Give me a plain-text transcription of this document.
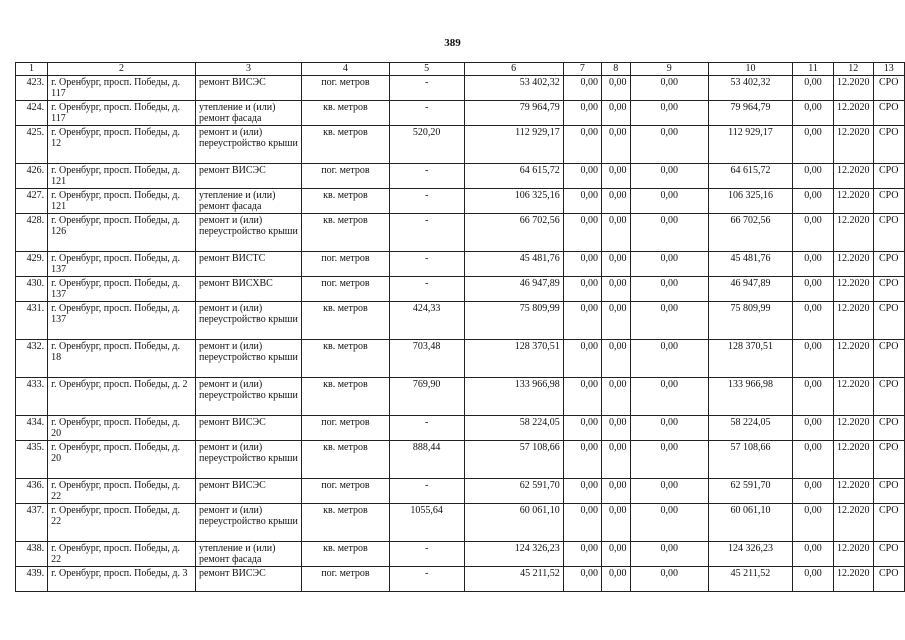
389
1	2	3	4	5	6	7	8	9	10	11	12	13
423.	г. Оренбург, просп. Победы, д. 117	ремонт ВИСЭС	пог. метров	-	53 402,32	0,00	0,00	0,00	53 402,32	0,00	12.2020	СРО
424.	г. Оренбург, просп. Победы, д. 117	утепление и (или) ремонт фасада	кв. метров	-	79 964,79	0,00	0,00	0,00	79 964,79	0,00	12.2020	СРО
425.	г. Оренбург, просп. Победы, д. 12	ремонт и (или) переустройство крыши	кв. метров	520,20	112 929,17	0,00	0,00	0,00	112 929,17	0,00	12.2020	СРО
426.	г. Оренбург, просп. Победы, д. 121	ремонт ВИСЭС	пог. метров	-	64 615,72	0,00	0,00	0,00	64 615,72	0,00	12.2020	СРО
427.	г. Оренбург, просп. Победы, д. 121	утепление и (или) ремонт фасада	кв. метров	-	106 325,16	0,00	0,00	0,00	106 325,16	0,00	12.2020	СРО
428.	г. Оренбург, просп. Победы, д. 126	ремонт и (или) переустройство крыши	кв. метров	-	66 702,56	0,00	0,00	0,00	66 702,56	0,00	12.2020	СРО
429.	г. Оренбург, просп. Победы, д. 137	ремонт ВИСТС	пог. метров	-	45 481,76	0,00	0,00	0,00	45 481,76	0,00	12.2020	СРО
430.	г. Оренбург, просп. Победы, д. 137	ремонт ВИСХВС	пог. метров	-	46 947,89	0,00	0,00	0,00	46 947,89	0,00	12.2020	СРО
431.	г. Оренбург, просп. Победы, д. 137	ремонт и (или) переустройство крыши	кв. метров	424,33	75 809,99	0,00	0,00	0,00	75 809,99	0,00	12.2020	СРО
432.	г. Оренбург, просп. Победы, д. 18	ремонт и (или) переустройство крыши	кв. метров	703,48	128 370,51	0,00	0,00	0,00	128 370,51	0,00	12.2020	СРО
433.	г. Оренбург, просп. Победы, д. 2	ремонт и (или) переустройство крыши	кв. метров	769,90	133 966,98	0,00	0,00	0,00	133 966,98	0,00	12.2020	СРО
434.	г. Оренбург, просп. Победы, д. 20	ремонт ВИСЭС	пог. метров	-	58 224,05	0,00	0,00	0,00	58 224,05	0,00	12.2020	СРО
435.	г. Оренбург, просп. Победы, д. 20	ремонт и (или) переустройство крыши	кв. метров	888,44	57 108,66	0,00	0,00	0,00	57 108,66	0,00	12.2020	СРО
436.	г. Оренбург, просп. Победы, д. 22	ремонт ВИСЭС	пог. метров	-	62 591,70	0,00	0,00	0,00	62 591,70	0,00	12.2020	СРО
437.	г. Оренбург, просп. Победы, д. 22	ремонт и (или) переустройство крыши	кв. метров	1055,64	60 061,10	0,00	0,00	0,00	60 061,10	0,00	12.2020	СРО
438.	г. Оренбург, просп. Победы, д. 22	утепление и (или) ремонт фасада	кв. метров	-	124 326,23	0,00	0,00	0,00	124 326,23	0,00	12.2020	СРО
439.	г. Оренбург, просп. Победы, д. 3	ремонт ВИСЭС	пог. метров	-	45 211,52	0,00	0,00	0,00	45 211,52	0,00	12.2020	СРО
